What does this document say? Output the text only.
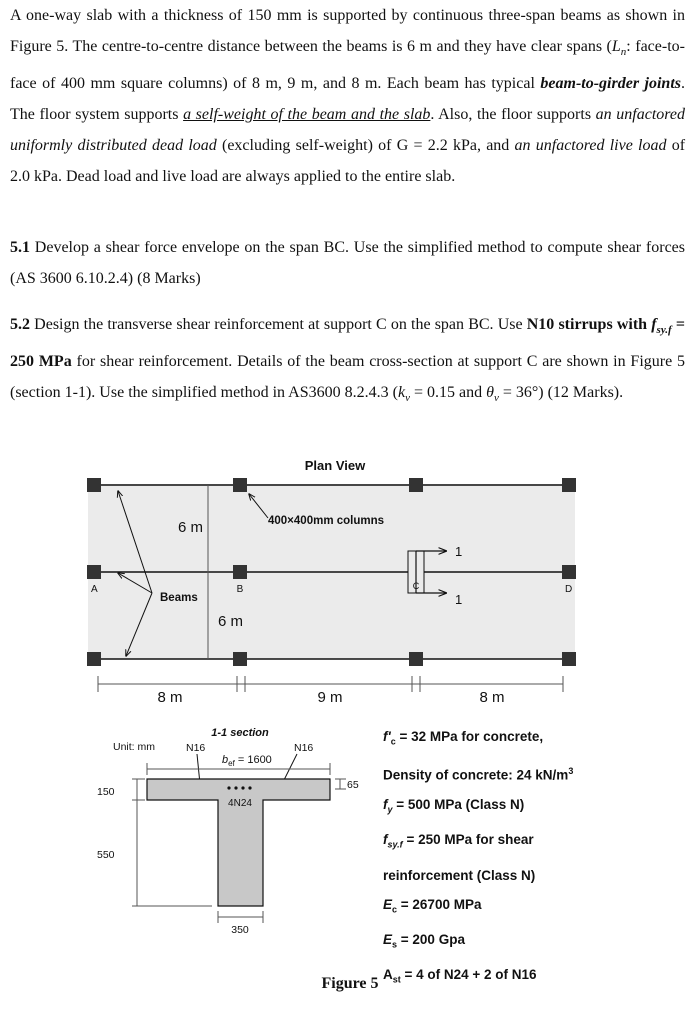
A one-way slab with a thickness of 150 mm is supported by continuous three-span beams as shown in Figure 5. The centre-to-centre distance between the beams is 6 m and they have clear spans ($L_n$: face-to-face of 400 mm square columns) of 8 m, 9 m, and 8 m. Each beam has typical beam-to-girder joints. The floor system supports a self-weight of the beam and the slab. Also, the floor supports an unfactored uniformly distributed dead load (excluding self-weight) of G = 2.2 kPa, and an unfactored live load of 2.0 kPa. Dead load and live load are always applied to the entire slab.
5.1 Develop a shear force envelope on the span BC. Use the simplified method to compute shear forces (AS 3600 6.10.2.4) (8 Marks)
5.2 Design the transverse shear reinforcement at support C on the span BC. Use N10 stirrups with $f_{sy.f} = 250$ MPa for shear reinforcement. Details of the beam cross-section at support C are shown in Figure 5 (section 1-1). Use the simplified method in AS3600 8.2.4.3 ($k_v = 0.15$ and $\theta_v = 36^\circ$) (12 Marks).
Plan View
1
1
A	B	C	D
6 m
6 m
400×400mm columns
Beams
8 m	9 m	8 m
1-1 section
Unit: mm	N16	N16
$b_{ef} = 1600$
4N24
65
150
550
350
$f'_c = 32$ MPa for concrete,
Density of concrete: 24 $kN/m^3$
$f_y = 500$ MPa (Class N)
$f_{sy.f} = 250$ MPa for shear
reinforcement (Class N)
$E_c = 26700$ MPa
$E_s = 200$ Gpa
$A_{st} = 4$ of N24 + 2 of N16
Figure 5
